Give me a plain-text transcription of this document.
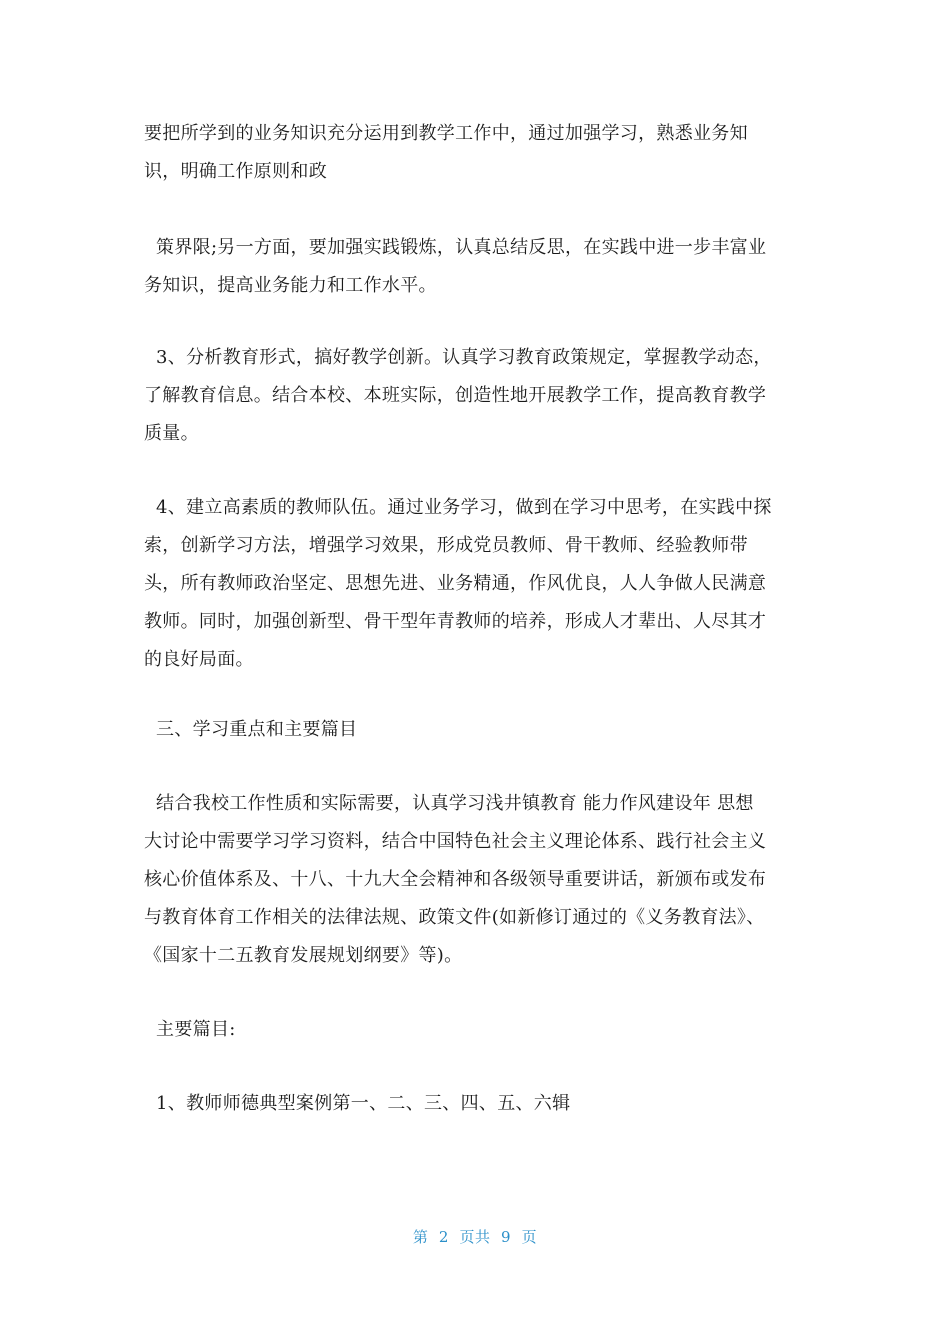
要把所学到的业务知识充分运用到教学工作中，通过加强学习，熟悉业务知
识，明确工作原则和政

策界限;另一方面，要加强实践锻炼，认真总结反思，在实践中进一步丰富业
务知识，提高业务能力和工作水平。

3、分析教育形式，搞好教学创新。认真学习教育政策规定，掌握教学动态，
了解教育信息。结合本校、本班实际，创造性地开展教学工作，提高教育教学
质量。

4、建立高素质的教师队伍。通过业务学习，做到在学习中思考，在实践中探
索，创新学习方法，增强学习效果，形成党员教师、骨干教师、经验教师带
头，所有教师政治坚定、思想先进、业务精通，作风优良，人人争做人民满意
教师。同时，加强创新型、骨干型年青教师的培养，形成人才辈出、人尽其才
的良好局面。

三、学习重点和主要篇目

结合我校工作性质和实际需要，认真学习浅井镇教育 能力作风建设年 思想
大讨论中需要学习学习资料，结合中国特色社会主义理论体系、践行社会主义
核心价值体系及、十八、十九大全会精神和各级领导重要讲话，新颁布或发布
与教育体育工作相关的法律法规、政策文件(如新修订通过的《义务教育法》、
《国家十二五教育发展规划纲要》等)。

主要篇目:

1、教师师德典型案例第一、二、三、四、五、六辑

第 2 页共 9 页
